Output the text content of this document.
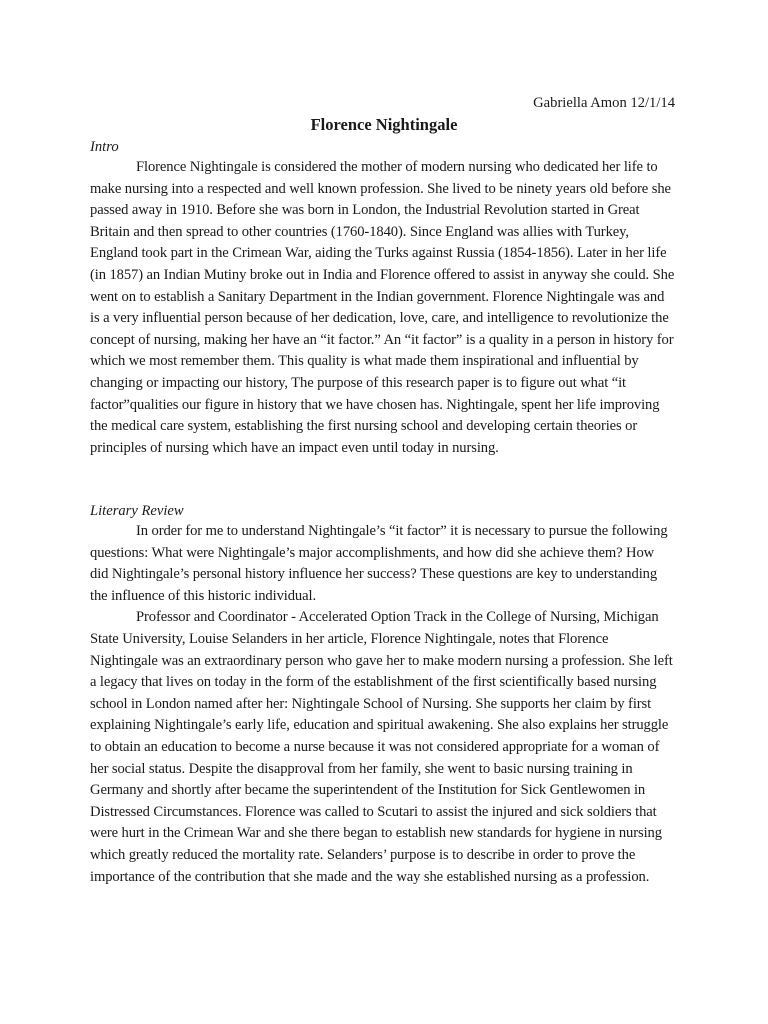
Gabriella Amon 12/1/14
Florence Nightingale
Intro

Florence Nightingale is considered the mother of modern nursing who dedicated her life to make nursing into a respected and well known profession. She lived to be ninety years old before she passed away in 1910. Before she was born in London, the Industrial Revolution started in Great Britain and then spread to other countries (1760-1840). Since England was allies with Turkey, England took part in the Crimean War, aiding the Turks against Russia (1854-1856). Later in her life (in 1857) an Indian Mutiny broke out in India and Florence offered to assist in anyway she could. She went on to establish a Sanitary Department in the Indian government. Florence Nightingale was and is a very influential person because of her dedication, love, care, and intelligence to revolutionize the concept of nursing, making her have an “it factor.” An “it factor” is a quality in a person in history for which we most remember them. This quality is what made them inspirational and influential by changing or impacting our history, The purpose of this research paper is to figure out what “it factor”qualities our figure in history that we have chosen has. Nightingale, spent her life improving the medical care system, establishing the first nursing school and developing certain theories or principles of nursing which have an impact even until today in nursing.

Literary Review

In order for me to understand Nightingale’s “it factor” it is necessary to pursue the following questions: What were Nightingale’s major accomplishments, and how did she achieve them? How did Nightingale’s personal history influence her success? These questions are key to understanding the influence of this historic individual.

Professor and Coordinator - Accelerated Option Track in the College of Nursing, Michigan State University, Louise Selanders in her article, Florence Nightingale, notes that Florence Nightingale was an extraordinary person who gave her to make modern nursing a profession. She left a legacy that lives on today in the form of the establishment of the first scientifically based nursing school in London named after her: Nightingale School of Nursing. She supports her claim by first explaining Nightingale’s early life, education and spiritual awakening. She also explains her struggle to obtain an education to become a nurse because it was not considered appropriate for a woman of her social status. Despite the disapproval from her family, she went to basic nursing training in Germany and shortly after became the superintendent of the Institution for Sick Gentlewomen in Distressed Circumstances. Florence was called to Scutari to assist the injured and sick soldiers that were hurt in the Crimean War and she there began to establish new standards for hygiene in nursing which greatly reduced the mortality rate. Selanders’ purpose is to describe in order to prove the importance of the contribution that she made and the way she established nursing as a profession.
